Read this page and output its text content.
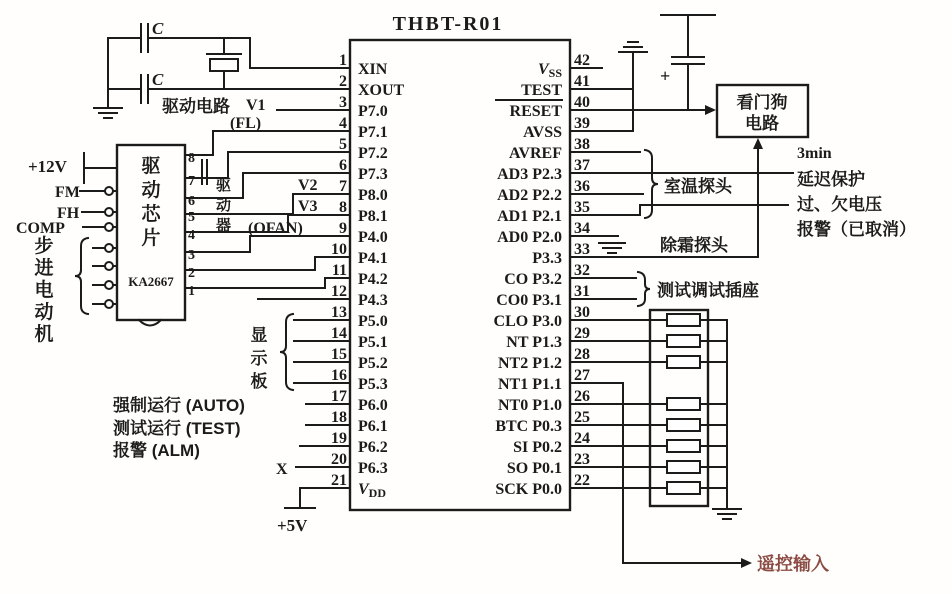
THBT-R01
1
XIN
2
XOUT
3
P7.0
4
P7.1
5
P7.2
6
P7.3
7
P8.0
8
P8.1
9
P4.0
10
P4.1
11
P4.2
12
P4.3
13
P5.0
14
P5.1
15
P5.2
16
P5.3
17
P6.0
18
P6.1
19
P6.2
20
P6.3
21
VDD
42
VSS 41
TEST
40
RESET
39
AVSS
38
AVREF
37
AD3 P2.3
36
AD2 P2.2
35
AD1 P2.1
34
AD0 P2.0
33
P3.3
32
CO P3.2
31
CO0 P3.1
30
CLO P3.0
29
NT P1.3
28
NT2 P1.2
27
NT1 P1.1
26
NT0 P1.0
25
BTC P0.3
24
SI P0.2
23
SO P0.1
22
SCK P0.0
C
C
驱动电路 V1
(FL)
V2
V3
(OFAN)
驱动器
驱动芯片
KA2667
8
7
6
5
4
3
2
1
+12V
FM
FH
COMP
步进电动机	显示板
强制运行 (AUTO)
测试运行 (TEST)
报警 (ALM)
X
+5V
+
看门狗
电路
室温探头
除霜探头
测试调试插座
3min
延迟保护
过、欠电压
报警（已取消）
遥控输入
